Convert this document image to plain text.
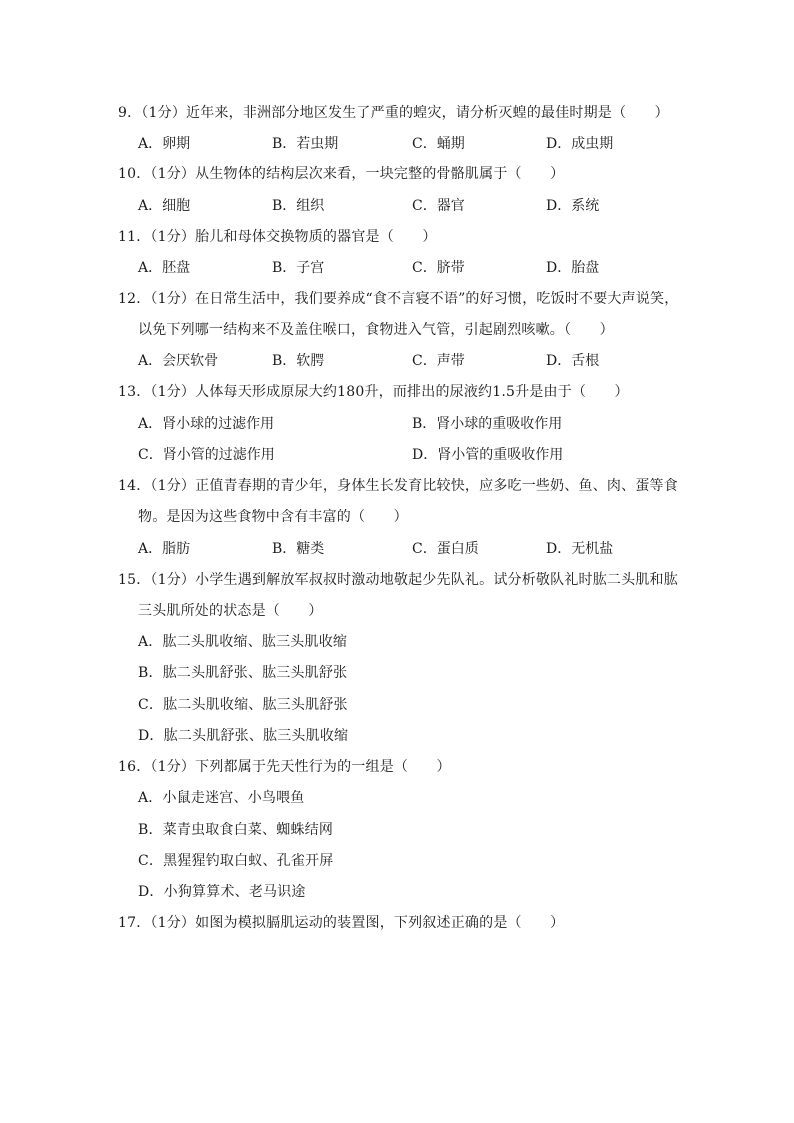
9．（1分）近年来，非洲部分地区发生了严重的蝗灾，请分析灭蝗的最佳时期是（　　）
A．卵期	B．若虫期	C．蛹期	D．成虫期
10．（1分）从生物体的结构层次来看，一块完整的骨骼肌属于（　　）
A．细胞	B．组织	C．器官	D．系统
11．（1分）胎儿和母体交换物质的器官是（　　）
A．胚盘	B．子宫	C．脐带	D．胎盘
12．（1分）在日常生活中，我们要养成“食不言寝不语”的好习惯，吃饭时不要大声说笑，
以免下列哪一结构来不及盖住喉口，食物进入气管，引起剧烈咳嗽。（　　）
A．会厌软骨	B．软腭	C．声带	D．舌根
13．（1分）人体每天形成原尿大约180升，而排出的尿液约1.5升是由于（　　）
A．肾小球的过滤作用	B．肾小球的重吸收作用
C．肾小管的过滤作用	D．肾小管的重吸收作用
14．（1分）正值青春期的青少年，身体生长发育比较快，应多吃一些奶、鱼、肉、蛋等食
物。是因为这些食物中含有丰富的（　　）
A．脂肪	B．糖类	C．蛋白质	D．无机盐
15．（1分）小学生遇到解放军叔叔时激动地敬起少先队礼。试分析敬队礼时肱二头肌和肱
三头肌所处的状态是（　　）
A．肱二头肌收缩、肱三头肌收缩
B．肱二头肌舒张、肱三头肌舒张
C．肱二头肌收缩、肱三头肌舒张
D．肱二头肌舒张、肱三头肌收缩
16．（1分）下列都属于先天性行为的一组是（　　）
A．小鼠走迷宫、小鸟喂鱼
B．菜青虫取食白菜、蜘蛛结网
C．黑猩猩钓取白蚁、孔雀开屏
D．小狗算算术、老马识途
17．（1分）如图为模拟膈肌运动的装置图，下列叙述正确的是（　　）
